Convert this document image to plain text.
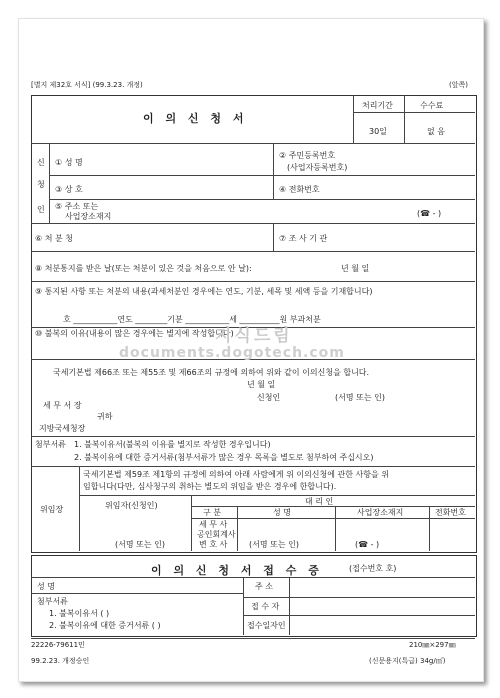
[별지 제32호 서식] (99.3.23. 개정)	(앞쪽)
이 의 신 청 서
처리기간	수수료
30일	없 음
신
청
인
① 성 명
② 주민등록번호
(사업자등록번호)
③ 상 호	④ 전화번호
⑤ 주소 또는
사업장소재지	(☎ - )
⑥ 처 분 청	⑦ 조 사 기 관
⑧ 처분통지를 받은 날(또는 처분이 있은 것을 처음으로 안 날):	년 월 일
⑨ 통지된 사항 또는 처분의 내용(과세처분인 경우에는 연도, 기분, 세목 및 세액 등을 기재합니다)
호 ___________연도 ________기분 ___________세 __________원 부과처분
⑩ 불복의 이유(내용이 많은 경우에는 별지에 작성합니다)
국세기본법 제66조 또는 제55조 및 제66조의 규정에 의하여 위와 같이 이의신청을 합니다.
년 월 일
신청인	(서명 또는 인)
세 무 서 장
귀하
지방국세청장
첨부서류 1. 불복이유서(불복의 이유를 별지로 작성한 경우입니다)
2. 불복이유에 대한 증거서류(첨부서류가 많은 경우 목록을 별도로 첨부하여 주십시오)
위임장
국세기본법 제59조 제1항의 규정에 의하여 아래 사람에게 위 이의신청에 관한 사항을 위
임합니다(다만, 심사청구의 취하는 별도의 위임을 받은 경우에 한합니다).
위임자(신청인)	대 리 인
구 분	성 명	사업장소재지	전화번호
세 무 사
공인회계사
변 호 사
(서명 또는 인)	(서명 또는 인)	(☎ - )
이 의 신 청 서 접 수 증	(접수번호 호)
성 명	주 소
첨부서류
1. 불복이유서 ( )
2. 불복이유에 대한 증거서류 ( )
접 수 자
접수일자인
22226-79611민	210㎜×297㎜
99.2.23. 개정승인	(신문용지(특급) 34g/㎡)
지식드림
documents.dogotech.com
